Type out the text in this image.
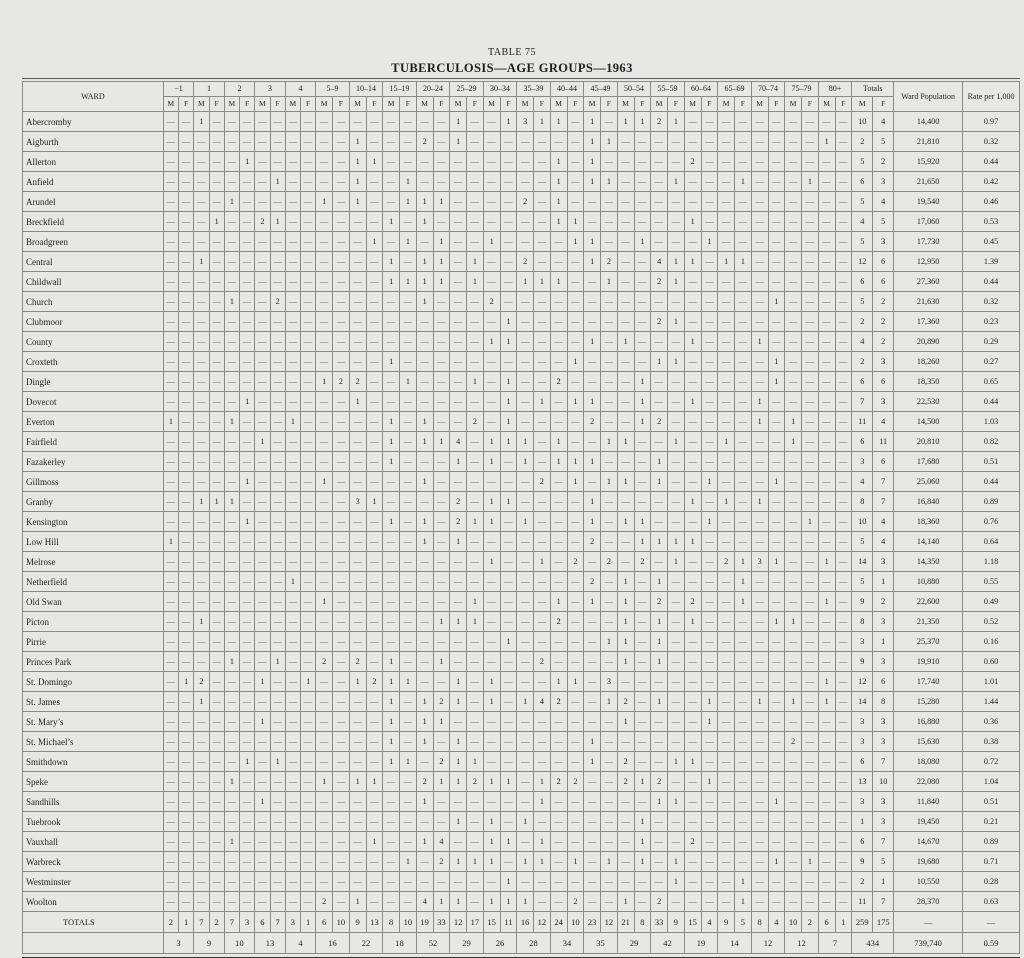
TABLE 75
TUBERCULOSIS—AGE GROUPS—1963
WARD	−1		1		2		3		4		5–9		10–14		15–19		20–24		25–29		30–34		35–39		40–44		45–49		50–54		55–59		60–64		65–69		70–74		75–79		80+		Totals		Ward Population	Rate per 1,000
	M	F	M	F	M	F	M	F	M	F	M	F	M	F	M	F	M	F	M	F	M	F	M	F	M	F	M	F	M	F	M	F	M	F	M	F	M	F	M	F	M	F	M	F		
Abercromby	—	—	1	—	—	—	—	—	—	—	—	—	—	—	—	—	—	—	1	—	—	1	3	1	1	—	1	—	1	1	2	1	—	—	—	—	—	—	—	—	—	—	10	4	14,400	0.97
Aigburth	—	—	—	—	—	—	—	—	—	—	—	—	1	—	—	—	2	—	1	—	—	—	—	—	—	—	1	1	—	—	—	—	—	—	—	—	—	—	—	—	1	—	2	5	21,810	0.32
Allerton	—	—	—	—	—	1	—	—	—	—	—	—	1	1	—	—	—	—	—	—	—	—	—	—	1	—	1	—	—	—	—	—	2	—	—	—	—	—	—	—	—	—	5	2	15,920	0.44
Anfield	—	—	—	—	—	—	—	1	—	—	—	—	1	—	—	1	—	—	—	—	—	—	—	—	1	—	1	1	—	—	—	1	—	—	—	1	—	—	—	1	—	—	6	3	21,650	0.42
Arundel	—	—	—	—	1	—	—	—	—	—	1	—	1	—	—	1	1	1	—	—	—	—	2	—	1	—	—	—	—	—	—	—	—	—	—	—	—	—	—	—	—	—	5	4	19,540	0.46
Breckfield	—	—	—	1	—	—	2	1	—	—	—	—	—	—	1	—	1	—	—	—	—	—	—	—	1	1	—	—	—	—	—	—	1	—	—	—	—	—	—	—	—	—	4	5	17,060	0.53
Broadgreen	—	—	—	—	—	—	—	—	—	—	—	—	—	1	—	1	—	1	—	—	1	—	—	—	—	1	1	—	—	1	—	—	—	1	—	—	—	—	—	—	—	—	5	3	17,730	0.45
Central	—	—	1	—	—	—	—	—	—	—	—	—	—	—	1	—	1	1	—	1	—	—	2	—	—	—	1	2	—	—	4	1	1	—	1	1	—	—	—	—	—	—	12	6	12,950	1.39
Childwall	—	—	—	—	—	—	—	—	—	—	—	—	—	—	1	1	1	1	—	1	—	—	1	1	1	—	—	1	—	—	2	1	—	—	—	—	—	—	—	—	—	—	6	6	27,360	0.44
Church	—	—	—	—	1	—	—	2	—	—	—	—	—	—	—	—	1	—	—	—	2	—	—	—	—	—	—	—	—	—	—	—	—	—	—	—	—	1	—	—	—	—	5	2	21,630	0.32
Clubmoor	—	—	—	—	—	—	—	—	—	—	—	—	—	—	—	—	—	—	—	—	—	1	—	—	—	—	—	—	—	—	2	1	—	—	—	—	—	—	—	—	—	—	2	2	17,360	0.23
County	—	—	—	—	—	—	—	—	—	—	—	—	—	—	—	—	—	—	—	—	1	1	—	—	—	—	1	—	1	—	—	—	1	—	—	—	1	—	—	—	—	—	4	2	20,890	0.29
Croxteth	—	—	—	—	—	—	—	—	—	—	—	—	—	—	1	—	—	—	—	—	—	—	—	—	—	1	—	—	—	—	1	1	—	—	—	—	—	1	—	—	—	—	2	3	18,260	0.27
Dingle	—	—	—	—	—	—	—	—	—	—	1	2	2	—	—	1	—	—	—	1	—	1	—	—	2	—	—	—	—	1	—	—	—	—	—	—	—	1	—	—	—	—	6	6	18,350	0.65
Dovecot	—	—	—	—	—	1	—	—	—	—	—	—	1	—	—	—	—	—	—	—	—	1	—	1	—	1	1	—	—	1	—	—	1	—	—	—	1	—	—	—	—	—	7	3	22,530	0.44
Everton	1	—	—	—	1	—	—	—	1	—	—	—	—	—	1	—	1	—	—	2	—	1	—	—	—	—	2	—	—	1	2	—	—	—	—	—	1	—	1	—	—	—	11	4	14,500	1.03
Fairfield	—	—	—	—	—	—	1	—	—	—	—	—	—	—	1	—	1	1	4	—	1	1	1	—	1	—	—	1	1	—	—	1	—	—	1	—	—	—	1	—	—	—	6	11	20,810	0.82
Fazakerley	—	—	—	—	—	—	—	—	—	—	—	—	—	—	1	—	—	—	1	—	1	—	1	—	1	1	1	—	—	—	1	—	—	—	—	—	—	—	—	—	—	—	3	6	17,680	0.51
Gillmoss	—	—	—	—	—	1	—	—	—	—	1	—	—	—	—	—	1	—	—	—	—	—	—	2	—	1	—	1	1	—	1	—	—	1	—	—	—	1	—	—	—	—	4	7	25,060	0.44
Granby	—	—	1	1	1	—	—	—	—	—	—	—	3	1	—	—	—	—	2	—	1	1	—	—	—	—	1	—	—	—	—	—	1	—	1	—	1	—	—	—	—	—	8	7	16,840	0.89
Kensington	—	—	—	—	—	1	—	—	—	—	—	—	—	—	1	—	1	—	2	1	1	—	1	—	—	—	1	—	1	1	—	—	—	1	—	—	—	—	—	1	—	—	10	4	18,360	0.76
Low Hill	1	—	—	—	—	—	—	—	—	—	—	—	—	—	—	—	1	—	1	—	—	—	—	—	—	—	2	—	—	1	1	1	1	—	—	—	—	—	—	—	—	—	5	4	14,140	0.64
Melrose	—	—	—	—	—	—	—	—	—	—	—	—	—	—	—	—	—	—	—	—	1	—	—	1	—	2	—	2	—	2	—	1	—	—	2	1	3	1	—	—	1	—	14	3	14,350	1.18
Netherfield	—	—	—	—	—	—	—	—	1	—	—	—	—	—	—	—	—	—	—	—	—	—	—	—	—	—	2	—	1	—	1	—	—	—	—	1	—	—	—	—	—	—	5	1	10,880	0.55
Old Swan	—	—	—	—	—	—	—	—	—	—	1	—	—	—	—	—	—	—	—	1	—	—	—	—	1	—	1	—	1	—	2	—	2	—	—	1	—	—	—	—	1	—	9	2	22,600	0.49
Picton	—	—	1	—	—	—	—	—	—	—	—	—	—	—	—	—	—	1	1	1	—	—	—	—	2	—	—	—	1	—	1	—	1	—	—	—	—	1	1	—	—	—	8	3	21,350	0.52
Pirrie	—	—	—	—	—	—	—	—	—	—	—	—	—	—	—	—	—	—	—	—	—	1	—	—	—	—	—	1	1	—	1	—	—	—	—	—	—	—	—	—	—	—	3	1	25,370	0.16
Princes Park	—	—	—	—	1	—	—	1	—	—	2	—	2	—	1	—	—	1	—	—	—	—	—	2	—	—	—	—	1	—	1	—	—	—	—	—	—	—	—	—	—	—	9	3	19,910	0.60
St. Domingo	—	1	2	—	—	—	1	—	—	1	—	—	1	2	1	1	—	—	1	—	1	—	—	—	1	1	—	3	—	—	—	—	—	—	—	—	—	—	—	—	1	—	12	6	17,740	1.01
St. James	—	—	1	—	—	—	—	—	—	—	—	—	—	—	1	—	1	2	1	—	1	—	1	4	2	—	—	1	2	—	1	—	—	1	—	—	1	—	1	—	1	—	14	8	15,280	1.44
St. Mary’s	—	—	—	—	—	—	1	—	—	—	—	—	—	—	1	—	1	1	—	—	—	—	—	—	—	—	—	—	1	—	—	—	—	1	—	—	—	—	—	—	—	—	3	3	16,880	0.36
St. Michael’s	—	—	—	—	—	—	—	—	—	—	—	—	—	—	1	—	1	—	1	—	—	—	—	—	—	—	1	—	—	—	—	—	—	—	—	—	—	—	2	—	—	—	3	3	15,630	0.38
Smithdown	—	—	—	—	—	1	—	1	—	—	—	—	—	—	1	1	—	2	1	1	—	—	—	—	—	—	1	—	2	—	—	1	1	—	—	—	—	—	—	—	—	—	6	7	18,080	0.72
Speke	—	—	—	—	1	—	—	—	—	—	1	—	1	1	—	—	2	1	1	2	1	1	—	1	2	2	—	—	2	1	2	—	—	1	—	—	—	—	—	—	—	—	13	10	22,080	1.04
Sandhills	—	—	—	—	—	—	1	—	—	—	—	—	—	—	—	—	1	—	—	—	—	—	—	1	—	—	—	—	—	—	1	1	—	—	—	—	—	1	—	—	—	—	3	3	11,840	0.51
Tuebrook	—	—	—	—	—	—	—	—	—	—	—	—	—	—	—	—	—	—	1	—	1	—	1	—	—	—	—	—	—	1	—	—	—	—	—	—	—	—	—	—	—	—	1	3	19,450	0.21
Vauxhall	—	—	—	—	1	—	—	—	—	—	—	—	—	1	—	—	1	4	—	—	1	1	—	1	—	—	—	—	—	1	—	—	2	—	—	—	—	—	—	—	—	—	6	7	14,670	0.89
Warbreck	—	—	—	—	—	—	—	—	—	—	—	—	—	—	—	1	—	2	1	1	1	—	1	1	—	1	—	1	—	1	—	1	—	—	—	—	—	1	—	1	—	—	9	5	19,680	0.71
Westminster	—	—	—	—	—	—	—	—	—	—	—	—	—	—	—	—	—	—	—	—	—	1	—	—	—	—	—	—	—	—	—	1	—	—	—	1	—	—	—	—	—	—	2	1	10,550	0.28
Woolton	—	—	—	—	—	—	—	—	—	—	2	—	1	—	—	—	4	1	1	—	1	1	1	—	—	2	—	—	1	—	2	—	—	—	—	1	—	—	—	—	—	—	11	7	28,370	0.63
TOTALS	2	1	7	2	7	3	6	7	3	1	6	10	9	13	8	10	19	33	12	17	15	11	16	12	24	10	23	12	21	8	33	9	15	4	9	5	8	4	10	2	6	1	259	175	—	—
	3		9		10		13		4		16		22		18		52		29		26		28		34		35		29		42		19		14		12		12		7		434		739,740	0.59
